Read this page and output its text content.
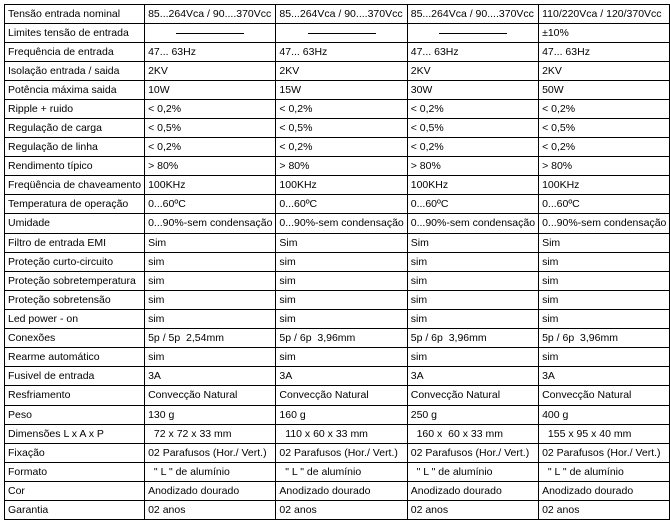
Tensão entrada nominal	85...264Vca / 90....370Vcc	85...264Vca / 90....370Vcc	85...264Vca / 90....370Vcc	110/220Vca / 120/370Vcc
Limites tensão de entrada				±10%
Frequência de entrada	47... 63Hz	47... 63Hz	47... 63Hz	47... 63Hz
Isolação entrada / saida	2KV	2KV	2KV	2KV
Potência máxima saida	10W	15W	30W	50W
Ripple + ruido	< 0,2%	< 0,2%	< 0,2%	< 0,2%
Regulação de carga	< 0,5%	< 0,5%	< 0,5%	< 0,5%
Regulação de linha	< 0,2%	< 0,2%	< 0,2%	< 0,2%
Rendimento típico	> 80%	> 80%	> 80%	> 80%
Freqüência de chaveamento	100KHz	100KHz	100KHz	100KHz
Temperatura de operação	0...60ºC	0...60ºC	0...60ºC	0...60ºC
Umidade	0...90%-sem condensação	0...90%-sem condensação	0...90%-sem condensação	0...90%-sem condensação
Filtro de entrada EMI	Sim	Sim	Sim	Sim
Proteção curto-circuito	sim	sim	sim	sim
Proteção sobretemperatura	sim	sim	sim	sim
Proteção sobretensão	sim	sim	sim	sim
Led power - on	sim	sim	sim	sim
Conexões	5p / 5p  2,54mm	5p / 6p  3,96mm	5p / 6p  3,96mm	5p / 6p  3,96mm
Rearme automático	sim	sim	sim	sim
Fusivel de entrada	3A	3A	3A	3A
Resfriamento	Convecção Natural	Convecção Natural	Convecção Natural	Convecção Natural
Peso	130 g	160 g	250 g	400 g
Dimensões L x A x P	72 x 72 x 33 mm	110 x 60 x 33 mm	160 x  60 x 33 mm	155 x 95 x 40 mm
Fixação	02 Parafusos (Hor./ Vert.)	02 Parafusos (Hor./ Vert.)	02 Parafusos (Hor./ Vert.)	02 Parafusos (Hor./ Vert.)
Formato	" L " de alumínio	" L " de alumínio	" L " de alumínio	" L " de alumínio
Cor	Anodizado dourado	Anodizado dourado	Anodizado dourado	Anodizado dourado
Garantia	02 anos	02 anos	02 anos	02 anos
